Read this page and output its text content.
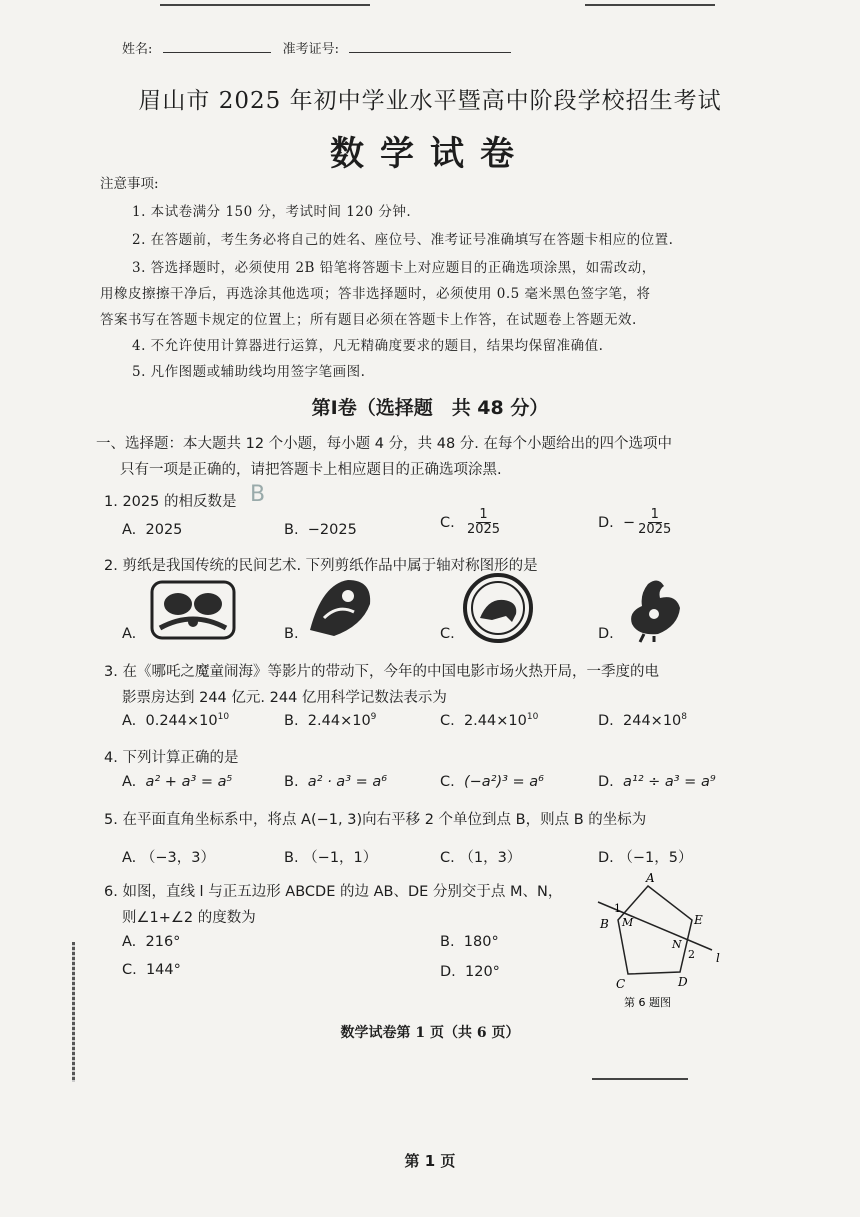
姓名:	准考证号:
眉山市 2025 年初中学业水平暨高中阶段学校招生考试
数学试卷
注意事项:
1. 本试卷满分 150 分，考试时间 120 分钟.
2. 在答题前，考生务必将自己的姓名、座位号、准考证号准确填写在答题卡相应的位置.
3. 答选择题时，必须使用 2B 铅笔将答题卡上对应题目的正确选项涂黑，如需改动，
用橡皮擦擦干净后，再选涂其他选项；答非选择题时，必须使用 0.5 毫米黑色签字笔，将
答案书写在答题卡规定的位置上；所有题目必须在答题卡上作答，在试题卷上答题无效.
4. 不允许使用计算器进行运算，凡无精确度要求的题目，结果均保留准确值.
5. 凡作图题或辅助线均用签字笔画图.
第Ⅰ卷（选择题　共 48 分）
一、选择题：本大题共 12 个小题，每小题 4 分，共 48 分. 在每个小题给出的四个选项中
只有一项是正确的，请把答题卡上相应题目的正确选项涂黑.
1. 2025 的相反数是 B
A. 2025	B. −2025	C. $\frac{1}{2025}$	D. − $\frac{1}{2025}$
2. 剪纸是我国传统的民间艺术. 下列剪纸作品中属于轴对称图形的是
A.	B.	C.	D.
3. 在《哪吒之魔童闹海》等影片的带动下，今年的中国电影市场火热开局，一季度的电
影票房达到 244 亿元. 244 亿用科学记数法表示为
A. $0.244\times 10^{10}$	B. $2.44\times 10^9$	C. $2.44\times 10^{10}$	D. $244\times 10^8$
4. 下列计算正确的是
A. a² + a³ = a⁵	B. a² · a³ = a⁶	C. (−a²)³ = a⁶	D. a¹² ÷ a³ = a⁹
5. 在平面直角坐标系中，将点 A(−1, 3)向右平移 2 个单位到点 B，则点 B 的坐标为
A. （−3，3）	B. （−1，1）	C. （1，3）	D. （−1，5）
6. 如图，直线 l 与正五边形 ABCDE 的边 AB、DE 分别交于点 M、N，
则∠1+∠2 的度数为
A. 216°	B. 180°
C. 144°	D. 120°
A
B
C	D
E
M
N
l
1
2
第 6 题图
数学试卷第 1 页（共 6 页）
第 1 页
